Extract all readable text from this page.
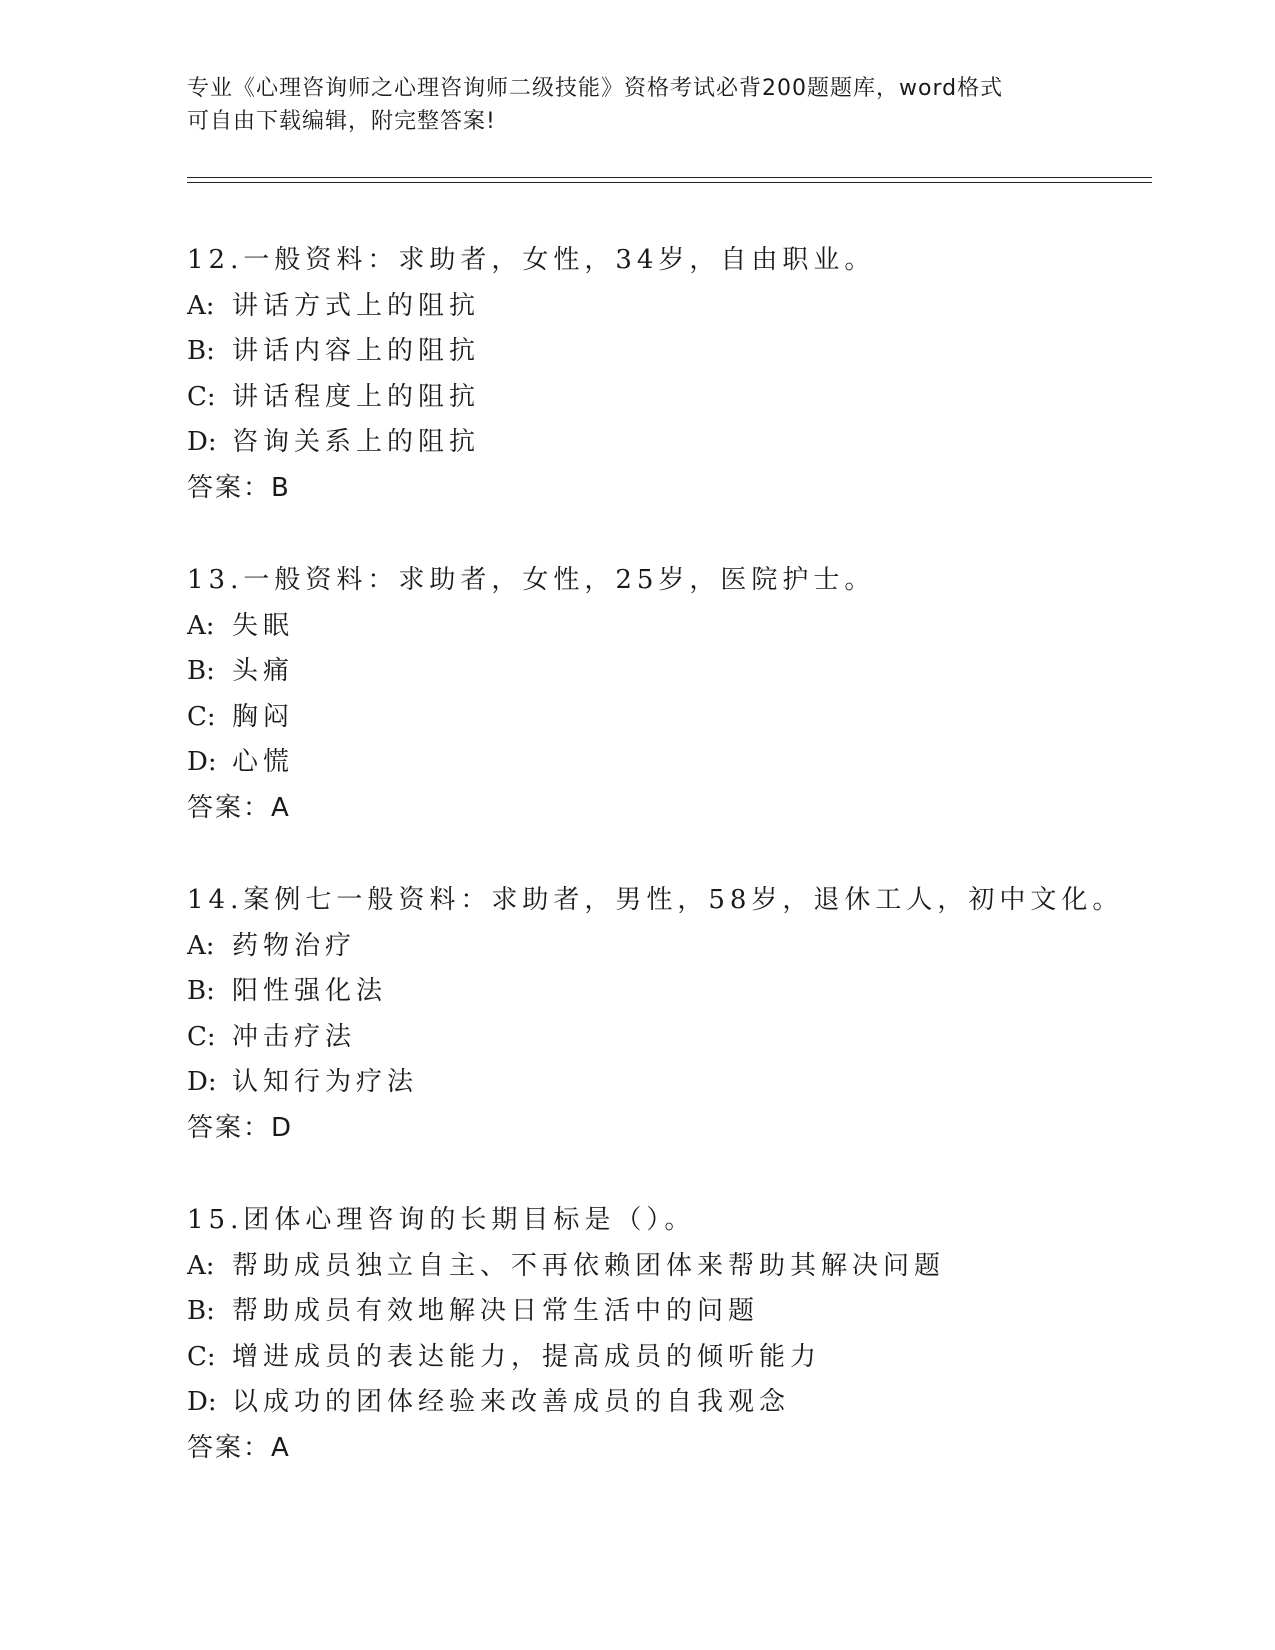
专业《心理咨询师之心理咨询师二级技能》资格考试必背200题题库，word格式
可自由下载编辑，附完整答案!
12.一般资料：求助者，女性，34岁，自由职业。
A: 讲话方式上的阻抗
B: 讲话内容上的阻抗
C: 讲话程度上的阻抗
D: 咨询关系上的阻抗
答案：B
13.一般资料：求助者，女性，25岁，医院护士。
A: 失眠
B: 头痛
C: 胸闷
D: 心慌
答案：A
14.案例七一般资料：求助者，男性，58岁，退休工人，初中文化。
A: 药物治疗
B: 阳性强化法
C: 冲击疗法
D: 认知行为疗法
答案：D
15.团体心理咨询的长期目标是（）。
A: 帮助成员独立自主、不再依赖团体来帮助其解决问题
B: 帮助成员有效地解决日常生活中的问题
C: 增进成员的表达能力，提高成员的倾听能力
D: 以成功的团体经验来改善成员的自我观念
答案：A
